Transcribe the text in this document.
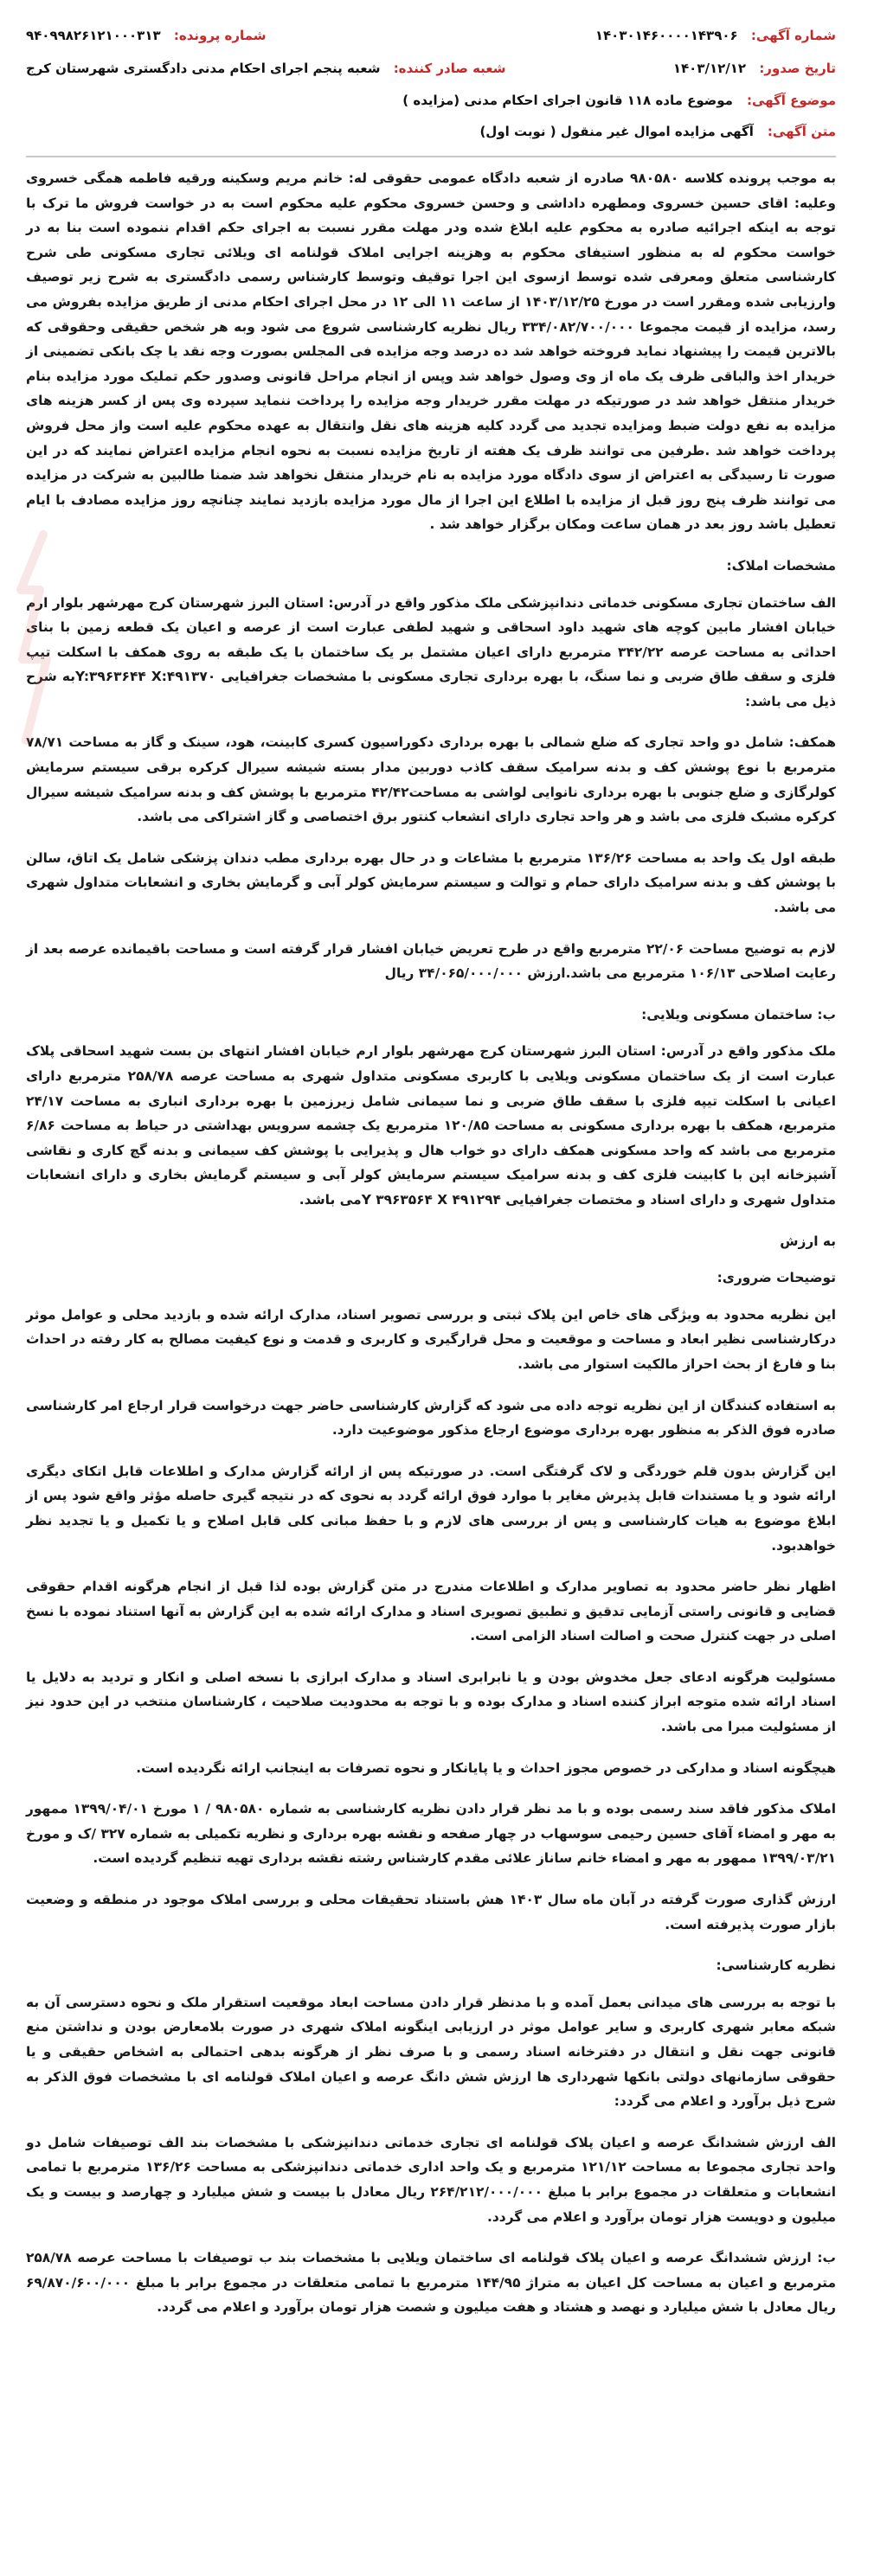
شماره آگهی: ۱۴۰۳۰۱۴۶۰۰۰۰۱۴۳۹۰۶
شماره پرونده: ۹۴۰۹۹۸۲۶۱۲۱۰۰۰۳۱۳
تاریخ صدور: ۱۴۰۳/۱۲/۱۲
شعبه صادر کننده: شعبه پنجم اجرای احکام مدنی دادگستری شهرستان کرج
موضوع آگهی:
موضوع ماده ۱۱۸ قانون اجرای احکام مدنی (مزایده )
متن آگهی:
آگهی مزایده اموال غیر منقول ( نوبت اول)

به موجب پرونده کلاسه ۹۸۰۵۸۰ صادره از شعبه دادگاه عمومی حقوقی له: خانم مریم وسکینه ورقیه فاطمه همگی خسروی وعلیه: اقای حسین خسروی ومطهره داداشی و وحسن خسروی محکوم علیه محکوم است به در خواست فروش ما ترک با توجه به اینکه اجرائیه صادره به محکوم علیه ابلاغ شده ودر مهلت مقرر نسبت به اجرای حکم اقدام ننموده است بنا به در خواست محکوم له به منظور استیفای محکوم به وهزینه اجرایی املاک قولنامه ای ویلائی تجاری مسکونی طی شرح کارشناسی متعلق ومعرفی شده توسط ازسوی این اجرا توقیف وتوسط کارشناس رسمی دادگستری به شرح زیر توصیف وارزیابی شده ومقرر است در مورخ ۱۴۰۳/۱۲/۲۵ از ساعت ۱۱ الی ۱۲ در محل اجرای احکام مدنی از طریق مزایده بفروش می رسد، مزایده از قیمت مجموعا ۳۳۴/۰۸۲/۷۰۰/۰۰۰ ریال نظریه کارشناسی شروع می شود وبه هر شخص حقیقی وحقوقی که بالاترین قیمت را پیشنهاد نماید فروخته خواهد شد ده درصد وجه مزایده فی المجلس بصورت وجه نقد یا چک بانکی تضمینی از خریدار اخذ والباقی ظرف یک ماه از وی وصول خواهد شد وپس از انجام مراحل قانونی وصدور حکم تملیک مورد مزایده بنام خریدار منتقل خواهد شد در صورتیکه در مهلت مقرر خریدار وجه مزایده را پرداخت ننماید سپرده وی پس از کسر هزینه های مزایده به نفع دولت ضبط ومزایده تجدید می گردد کلیه هزینه های نقل وانتقال به عهده محکوم علیه است واز محل فروش پرداخت خواهد شد .طرفین می توانند ظرف یک هفته از تاریخ مزایده نسبت به نحوه انجام مزایده اعتراض نمایند که در این صورت تا رسیدگی به اعتراض از سوی دادگاه مورد مزایده به نام خریدار منتقل نخواهد شد ضمنا طالبین به شرکت در مزایده می توانند ظرف پنج روز قبل از مزایده با اطلاع این اجرا از مال مورد مزایده بازدید نمایند چنانچه روز مزایده مصادف با ایام تعطیل باشد روز بعد در همان ساعت ومکان برگزار خواهد شد .

مشخصات املاک:

الف ساختمان تجاری مسکونی خدماتی دندانپزشکی ملک مذکور واقع در آدرس: استان البرز شهرستان کرج مهرشهر بلوار ارم خیابان افشار مابین کوچه های شهید داود اسحاقی و شهید لطفی عبارت است از عرصه و اعیان یک قطعه زمین با بنای احداثی به مساحت عرصه ۳۴۲/۲۲ مترمربع دارای اعیان مشتمل بر یک ساختمان با یک طبقه به روی همکف با اسکلت تیپ فلزی و سقف طاق ضربی و نما سنگ، با بهره برداری تجاری مسکونی با مشخصات جغرافیایی Y:۳۹۶۳۶۴۴ X:۴۹۱۳۷۰به شرح ذیل می باشد:

همکف: شامل دو واحد تجاری که ضلع شمالی با بهره برداری دکوراسیون کسری کابینت، هود، سینک و گاز به مساحت ۷۸/۷۱ مترمربع با نوع پوشش کف و بدنه سرامیک سقف کاذب دوربین مدار بسته شیشه سیرال کرکره برقی سیستم سرمایش کولرگازی و ضلع جنوبی با بهره برداری نانوایی لواشی به مساحت۴۲/۴۲ مترمربع با پوشش کف و بدنه سرامیک شیشه سیرال کرکره مشبک فلزی می باشد و هر واحد تجاری دارای انشعاب کنتور برق اختصاصی و گاز اشتراکی می باشد.

طبقه اول یک واحد به مساحت ۱۳۶/۲۶ مترمربع با مشاعات و در حال بهره برداری مطب دندان پزشکی شامل یک اتاق، سالن با پوشش کف و بدنه سرامیک دارای حمام و توالت و سیستم سرمایش کولر آبی و گرمایش بخاری و انشعابات متداول شهری می باشد.

لازم به توضیح مساحت ۲۲/۰۶ مترمربع واقع در طرح تعریض خیابان افشار قرار گرفته است و مساحت باقیمانده عرصه بعد از رعایت اصلاحی ۱۰۶/۱۳ مترمربع می باشد.ارزش ۳۴/۰۶۵/۰۰۰/۰۰۰ ریال

ب: ساختمان مسکونی ویلایی:

ملک مذکور واقع در آدرس: استان البرز شهرستان کرج مهرشهر بلوار ارم خیابان افشار انتهای بن بست شهید اسحاقی پلاک عبارت است از یک ساختمان مسکونی ویلایی با کاربری مسکونی متداول شهری به مساحت عرصه ۲۵۸/۷۸ مترمربع دارای اعیانی با اسکلت تیپه فلزی با سقف طاق ضربی و نما سیمانی شامل زیرزمین با بهره برداری انباری به مساحت ۲۴/۱۷ مترمربع، همکف با بهره برداری مسکونی به مساحت ۱۲۰/۸۵ مترمربع یک چشمه سرویس بهداشتی در حیاط به مساحت ۶/۸۶ مترمربع می باشد که واحد مسکونی همکف دارای دو خواب هال و پذیرایی با پوشش کف سیمانی و بدنه گچ کاری و نقاشی آشپزخانه اپن با کابینت فلزی کف و بدنه سرامیک سیستم سرمایش کولر آبی و سیستم گرمایش بخاری و دارای انشعابات متداول شهری و دارای اسناد و مختصات جغرافیایی Y ۳۹۶۳۵۶۴ X ۴۹۱۲۹۴می باشد.

به ارزش

توضیحات ضروری:

این نظریه محدود به ویژگی های خاص این پلاک ثبتی و بررسی تصویر اسناد، مدارک ارائه شده و بازدید محلی و عوامل موثر درکارشناسی نظیر ابعاد و مساحت و موقعیت و محل قرارگیری و کاربری و قدمت و نوع کیفیت مصالح به کار رفته در احداث بنا و فارغ از بحث احراز مالکیت استوار می باشد.

به استفاده کنندگان از این نظریه توجه داده می شود که گزارش کارشناسی حاضر جهت درخواست قرار ارجاع امر کارشناسی صادره فوق الذکر به منظور بهره برداری موضوع ارجاع مذکور موضوعیت دارد.

این گزارش بدون قلم خوردگی و لاک گرفتگی است. در صورتیکه پس از ارائه گزارش مدارک و اطلاعات قابل اتکای دیگری ارائه شود و یا مستندات قابل پذیرش مغایر با موارد فوق ارائه گردد به نحوی که در نتیجه گیری حاصله مؤثر واقع شود پس از ابلاغ موضوع به هیات کارشناسی و پس از بررسی های لازم و با حفظ مبانی کلی قابل اصلاح و یا تکمیل و یا تجدید نظر خواهدبود.

اظهار نظر حاضر محدود به تصاویر مدارک و اطلاعات مندرج در متن گزارش بوده لذا قبل از انجام هرگونه اقدام حقوقی قضایی و قانونی راستی آزمایی تدقیق و تطبیق تصویری اسناد و مدارک ارائه شده به این گزارش به آنها استناد نموده با نسخ اصلی در جهت کنترل صحت و اصالت اسناد الزامی است.

مسئولیت هرگونه ادعای جعل مخدوش بودن و یا نابرابری اسناد و مدارک ابرازی با نسخه اصلی و انکار و تردید به دلایل یا اسناد ارائه شده متوجه ابراز کننده اسناد و مدارک بوده و با توجه به محدودیت صلاحیت ، کارشناسان منتخب در این حدود نیز از مسئولیت مبرا می باشد.

هیچگونه اسناد و مدارکی در خصوص مجوز احداث و یا پایانکار و نحوه تصرفات به اینجانب ارائه نگردیده است.

املاک مذکور فاقد سند رسمی بوده و با مد نظر قرار دادن نظریه کارشناسی به شماره ۹۸۰۵۸۰ / ۱ مورخ ۱۳۹۹/۰۴/۰۱ ممهور به مهر و امضاء آقای حسین رحیمی سوسهاب در چهار صفحه و نقشه بهره برداری و نظریه تکمیلی به شماره ۳۲۷ /ک و مورخ ۱۳۹۹/۰۳/۲۱ ممهور به مهر و امضاء خانم ساناز علائی مقدم کارشناس رشته نقشه برداری تهیه تنظیم گردیده است.

ارزش گذاری صورت گرفته در آبان ماه سال ۱۴۰۳ هش باستناد تحقیقات محلی و بررسی املاک موجود در منطقه و وضعیت بازار صورت پذیرفته است.

نظریه کارشناسی:

با توجه به بررسی های میدانی بعمل آمده و با مدنظر قرار دادن مساحت ابعاد موقعیت استقرار ملک و نحوه دسترسی آن به شبکه معابر شهری کاربری و سایر عوامل موثر در ارزیابی اینگونه املاک شهری در صورت بلامعارض بودن و نداشتن منع قانونی جهت نقل و انتقال در دفترخانه اسناد رسمی و با صرف نظر از هرگونه بدهی احتمالی به اشخاص حقیقی و یا حقوقی سازمانهای دولتی بانکها شهرداری ها ارزش شش دانگ عرصه و اعیان املاک قولنامه ای با مشخصات فوق الذکر به شرح ذیل برآورد و اعلام می گردد:

الف ارزش ششدانگ عرصه و اعیان پلاک قولنامه ای تجاری خدماتی دندانپزشکی با مشخصات بند الف توصیفات شامل دو واحد تجاری مجموعا به مساحت ۱۲۱/۱۲ مترمربع و یک واحد اداری خدماتی دندانپزشکی به مساحت ۱۳۶/۲۶ مترمربع با تمامی انشعابات و متعلقات در مجموع برابر با مبلغ ۲۶۴/۲۱۲/۰۰۰/۰۰۰ ریال معادل با بیست و شش میلیارد و چهارصد و بیست و یک میلیون و دویست هزار تومان برآورد و اعلام می گردد.

ب: ارزش ششدانگ عرصه و اعیان پلاک قولنامه ای ساختمان ویلایی با مشخصات بند ب توصیفات با مساحت عرصه ۲۵۸/۷۸ مترمربع و اعیان به مساحت کل اعیان به متراژ ۱۴۴/۹۵ مترمربع با تمامی متعلقات در مجموع برابر با مبلغ ۶۹/۸۷۰/۶۰۰/۰۰۰ ریال معادل با شش میلیارد و نهصد و هشتاد و هفت میلیون و شصت هزار تومان برآورد و اعلام می گردد.
